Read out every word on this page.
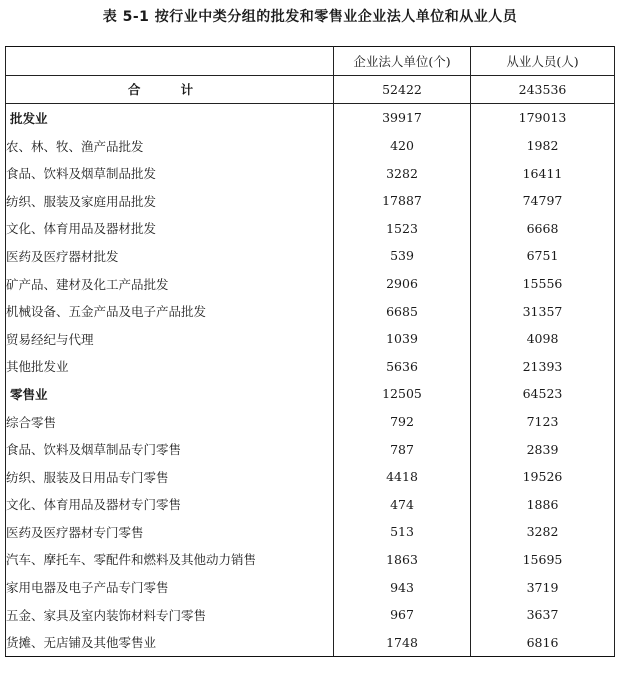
表 5-1 按行业中类分组的批发和零售业企业法人单位和从业人员
	企业法人单位(个)	从业人员(人)
合 计	52422	243536
批发业	39917	179013
农、林、牧、渔产品批发	420	1982
食品、饮料及烟草制品批发	3282	16411
纺织、服装及家庭用品批发	17887	74797
文化、体育用品及器材批发	1523	6668
医药及医疗器材批发	539	6751
矿产品、建材及化工产品批发	2906	15556
机械设备、五金产品及电子产品批发	6685	31357
贸易经纪与代理	1039	4098
其他批发业	5636	21393
零售业	12505	64523
综合零售	792	7123
食品、饮料及烟草制品专门零售	787	2839
纺织、服装及日用品专门零售	4418	19526
文化、体育用品及器材专门零售	474	1886
医药及医疗器材专门零售	513	3282
汽车、摩托车、零配件和燃料及其他动力销售	1863	15695
家用电器及电子产品专门零售	943	3719
五金、家具及室内装饰材料专门零售	967	3637
货摊、无店铺及其他零售业	1748	6816
